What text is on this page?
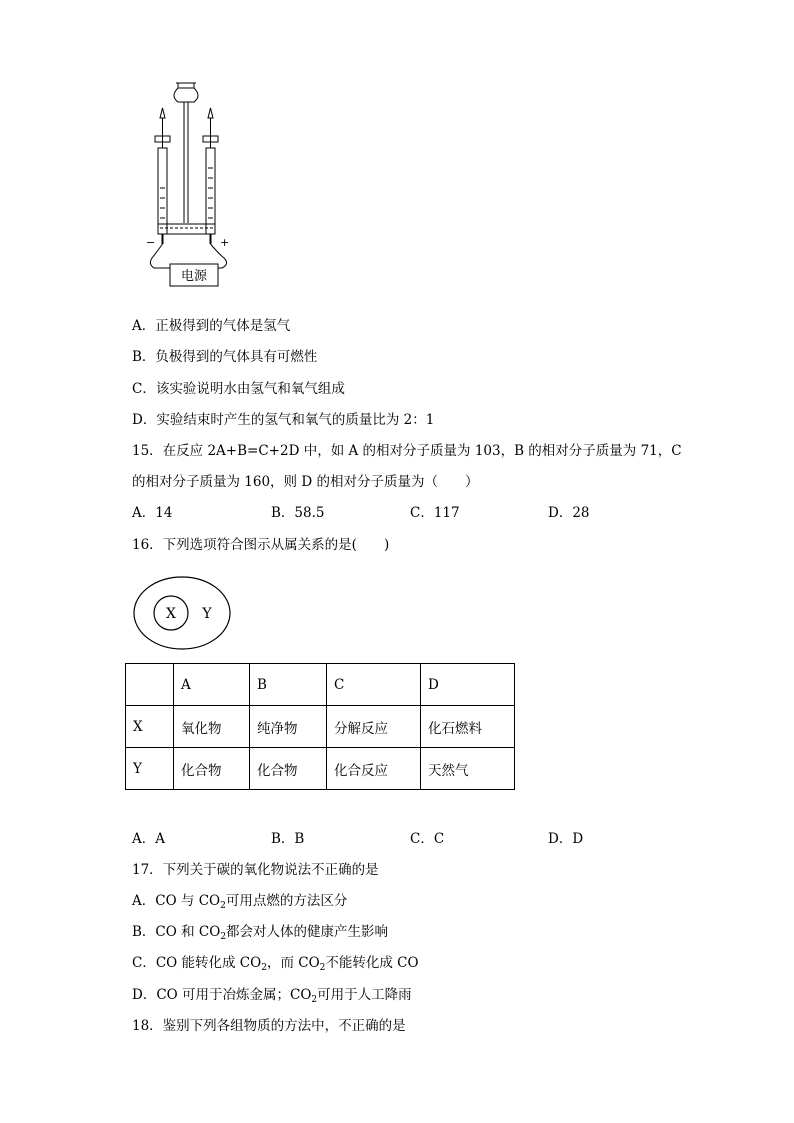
电源
−	+
A．正极得到的气体是氢气
B．负极得到的气体具有可燃性
C．该实验说明水由氢气和氧气组成
D．实验结束时产生的氢气和氧气的质量比为 2：1
15．在反应 2A+B=C+2D 中，如 A 的相对分子质量为 103，B 的相对分子质量为 71，C
的相对分子质量为 160，则 D 的相对分子质量为（　　）
A．14	B．58.5	C．117	D．28
16．下列选项符合图示从属关系的是(　　)
X Y
	A	B	C	D
X	氧化物	纯净物	分解反应	化石燃料
Y	化合物	化合物	化合反应	天然气
A．A	B．B	C．C	D．D
17．下列关于碳的氧化物说法不正确的是
A．CO 与 $CO_2$可用点燃的方法区分
B．CO 和 $CO_2$都会对人体的健康产生影响
C．CO 能转化成 $CO_2$，而 $CO_2$不能转化成 CO
D．CO 可用于冶炼金属；$CO_2$可用于人工降雨
18．鉴别下列各组物质的方法中，不正确的是
